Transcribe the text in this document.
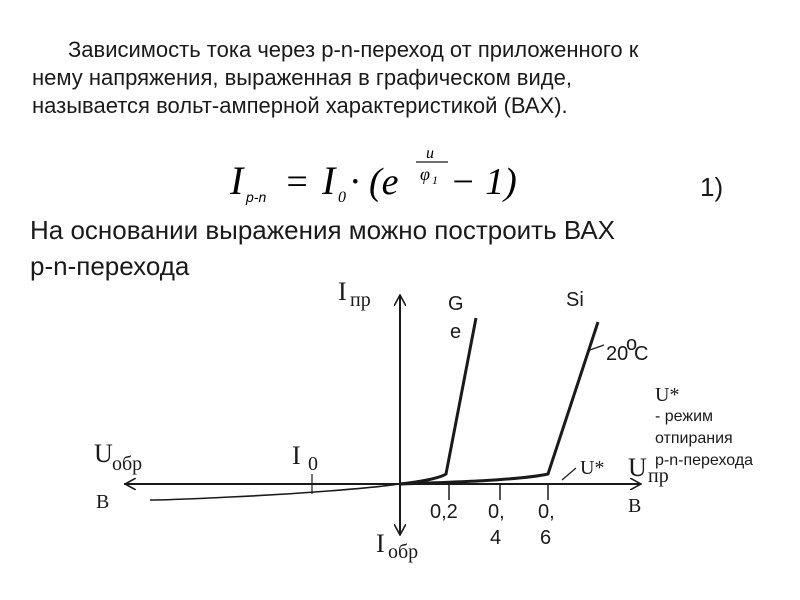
Зависимость тока через p-n-переход от приложенного к
нему напряжения, выраженная в графическом виде,
называется вольт-амперной характеристикой (ВАХ).
I p-n = I 0 · (e
u
φ 1 − 1)	1)
На основании выражения можно построить ВАХ
p-n-перехода
I пр
I обр
U пр
B
U обр
B
I 0	U*
0,2 0,
4
0,
6
G
e
Si
20
o
C
U*
- режим
отпирания
p-n-перехода
